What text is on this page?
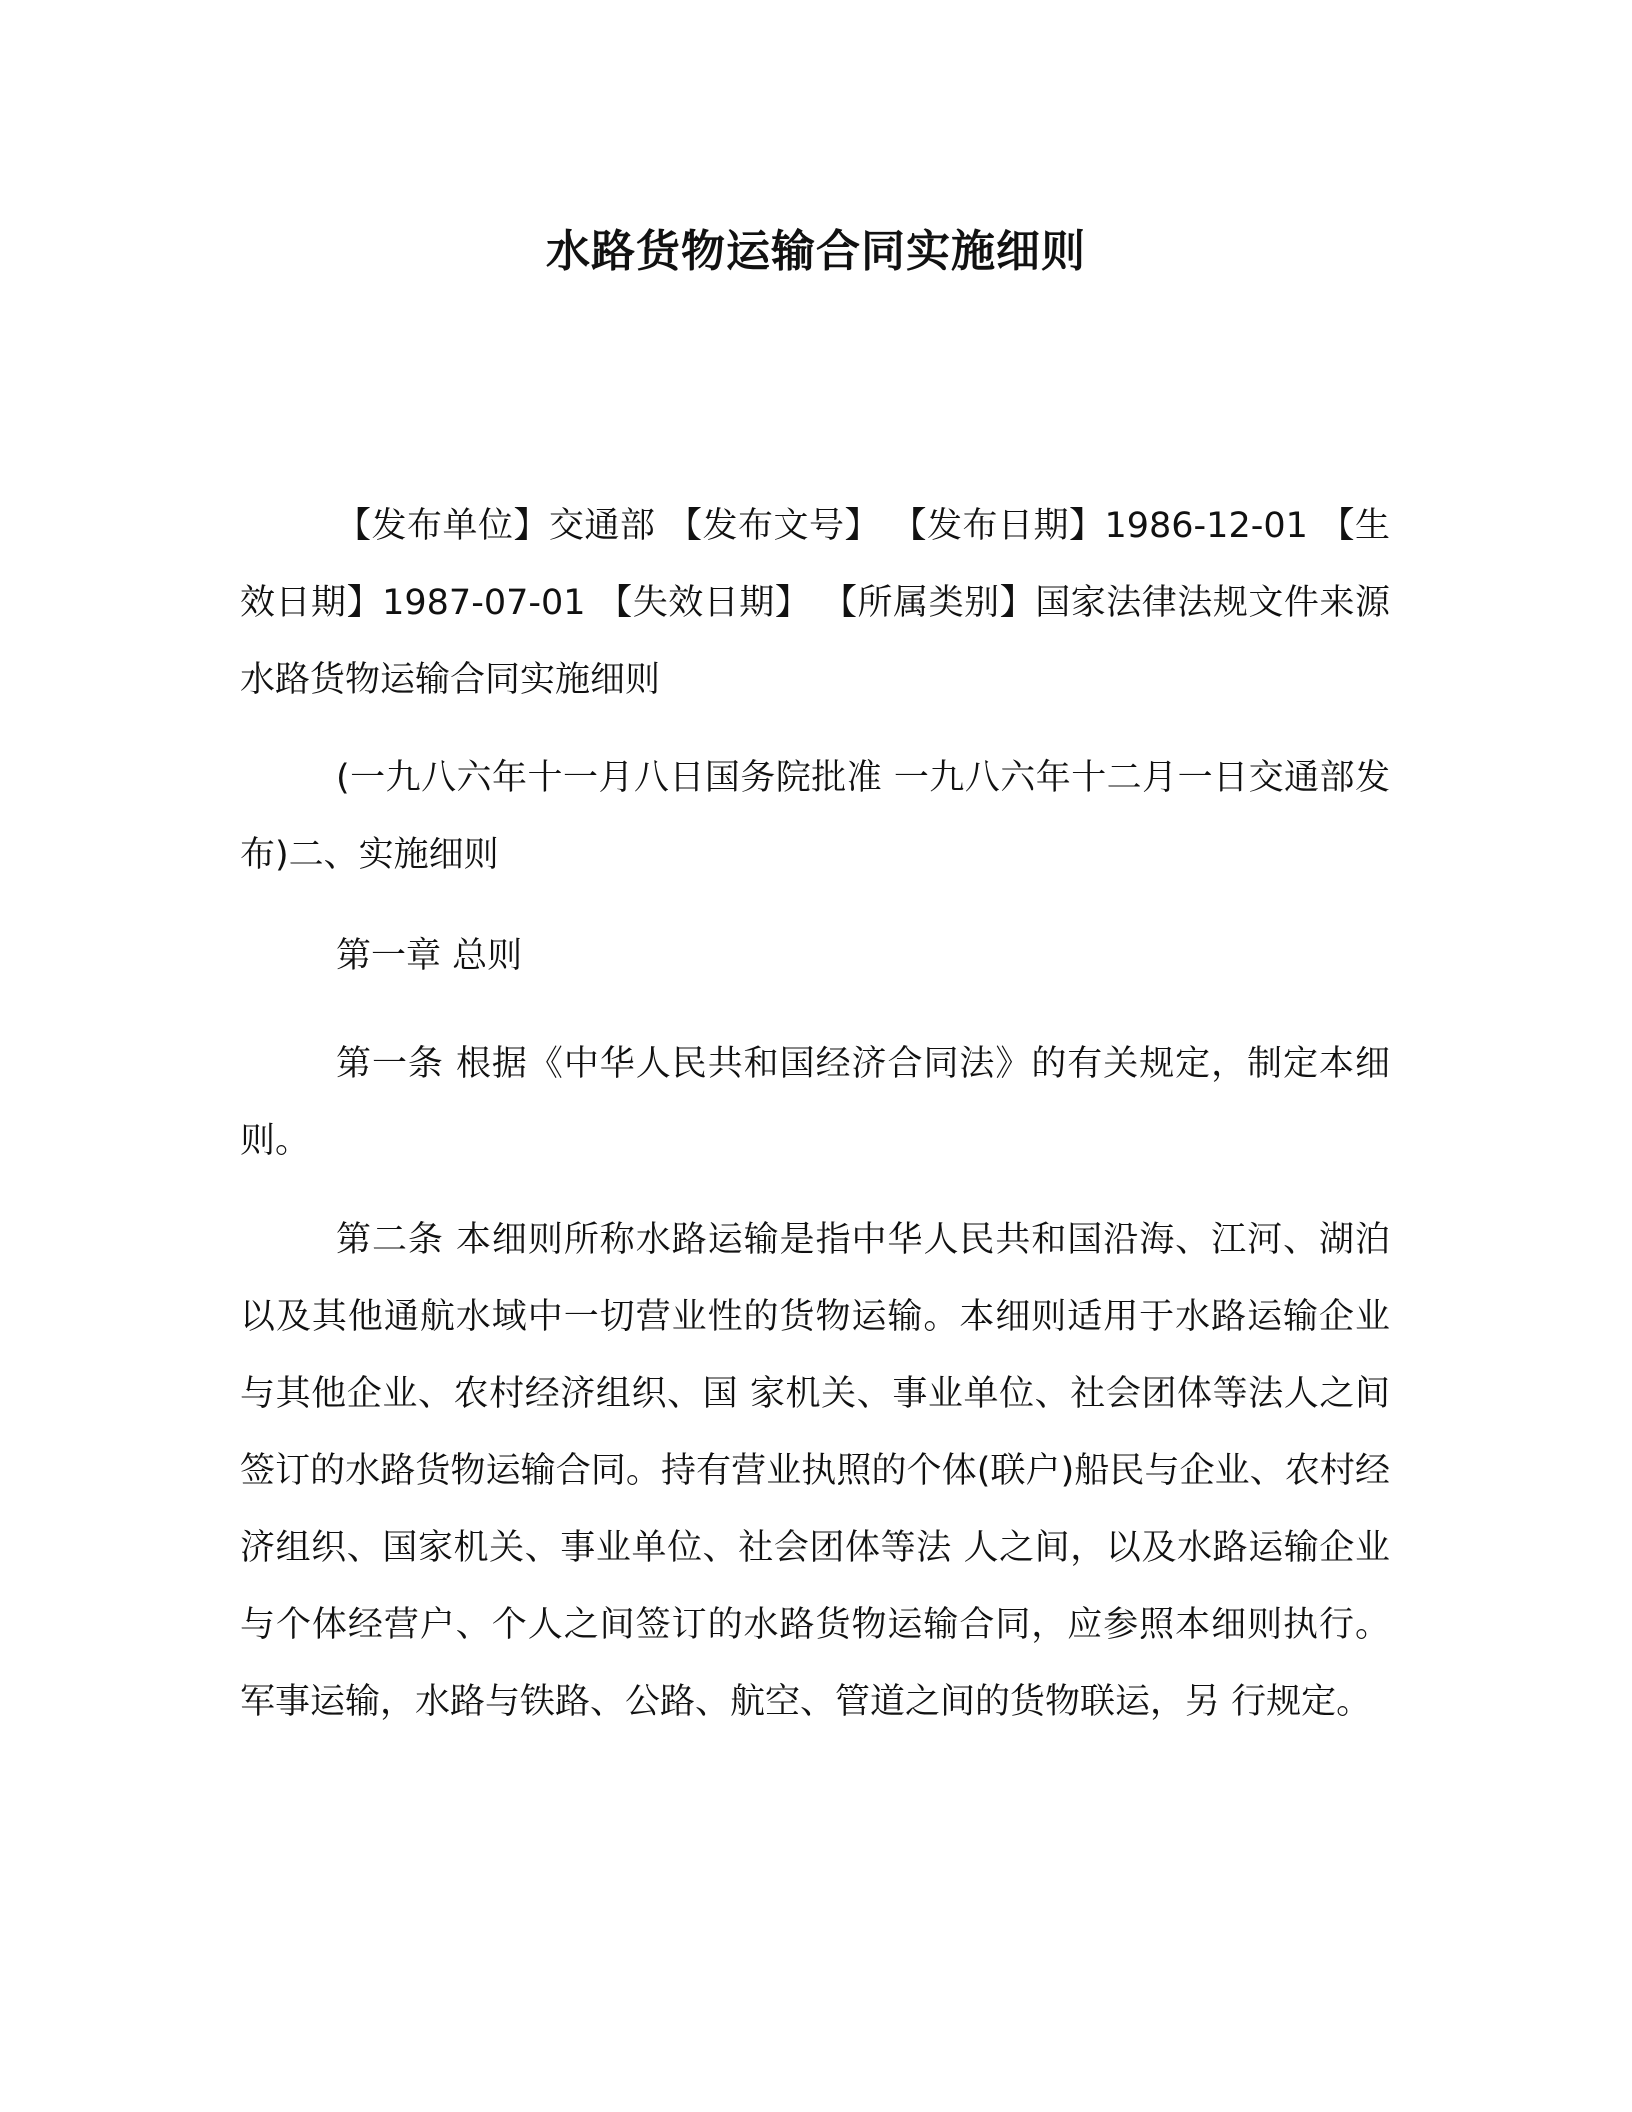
水路货物运输合同实施细则

【发布单位】交通部 【发布文号】 【发布日期】1986-12-01 【生效日期】1987-07-01 【失效日期】 【所属类别】国家法律法规文件来源水路货物运输合同实施细则

(一九八六年十一月八日国务院批准 一九八六年十二月一日交通部发布)二、实施细则

第一章 总则

第一条 根据《中华人民共和国经济合同法》的有关规定，制定本细则。

第二条 本细则所称水路运输是指中华人民共和国沿海、江河、湖泊以及其他通航水域中一切营业性的货物运输。本细则适用于水路运输企业与其他企业、农村经济组织、国 家机关、事业单位、社会团体等法人之间签订的水路货物运输合同。持有营业执照的个体(联户)船民与企业、农村经济组织、国家机关、事业单位、社会团体等法 人之间，以及水路运输企业与个体经营户、个人之间签订的水路货物运输合同，应参照本细则执行。军事运输，水路与铁路、公路、航空、管道之间的货物联运，另 行规定。
